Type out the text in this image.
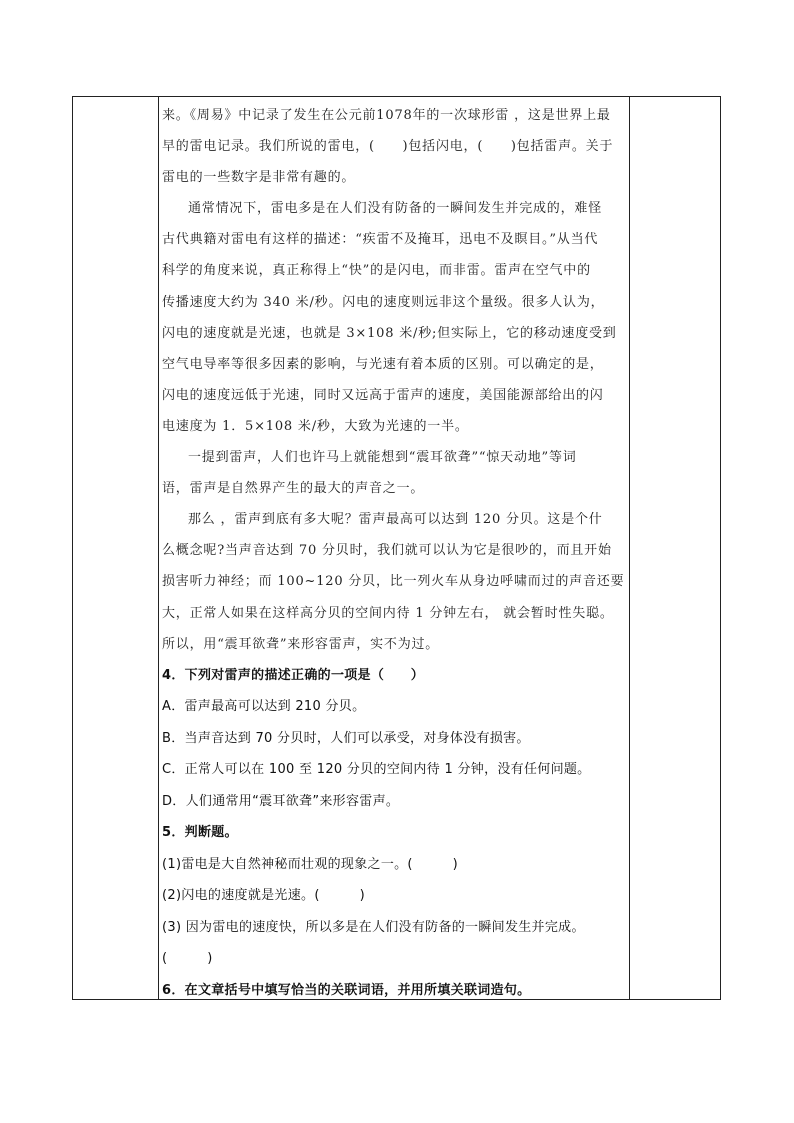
来。《周易》中记录了发生在公元前1078年的一次球形雷 ，这是世界上最
早的雷电记录。我们所说的雷电，(　　)包括闪电，(　　)包括雷声。关于
雷电的一些数字是非常有趣的。

通常情况下，雷电多是在人们没有防备的一瞬间发生并完成的，难怪
古代典籍对雷电有这样的描述：“疾雷不及掩耳，迅电不及瞑目。”从当代
科学的角度来说，真正称得上“快”的是闪电，而非雷。雷声在空气中的
传播速度大约为 340 米/秒。闪电的速度则远非这个量级。很多人认为，
闪电的速度就是光速，也就是 3×108 米/秒;但实际上，它的移动速度受到
空气电导率等很多因素的影响，与光速有着本质的区别。可以确定的是，
闪电的速度远低于光速，同时又远高于雷声的速度，美国能源部给出的闪
电速度为 1．5×108 米/秒，大致为光速的一半。

一提到雷声，人们也许马上就能想到“震耳欲聋”“惊天动地”等词
语，雷声是自然界产生的最大的声音之一。

那么 ，雷声到底有多大呢？雷声最高可以达到 120 分贝。这是个什
么概念呢?当声音达到 70 分贝时，我们就可以认为它是很吵的，而且开始
损害听力神经；而 100~120 分贝，比一列火车从身边呼啸而过的声音还要
大，正常人如果在这样高分贝的空间内待 1 分钟左右， 就会暂时性失聪。
所以，用“震耳欲聋”来形容雷声，实不为过。

4．下列对雷声的描述正确的一项是（　　）

A．雷声最高可以达到 210 分贝。

B．当声音达到 70 分贝时，人们可以承受，对身体没有损害。

C．正常人可以在 100 至 120 分贝的空间内待 1 分钟，没有任何问题。

D．人们通常用“震耳欲聋”来形容雷声。

5．判断题。

(1)雷电是大自然神秘而壮观的现象之一。(　　　)

(2)闪电的速度就是光速。(　　　)

(3) 因为雷电的速度快，所以多是在人们没有防备的一瞬间发生并完成。

(　　　)

6．在文章括号中填写恰当的关联词语，并用所填关联词造句。
